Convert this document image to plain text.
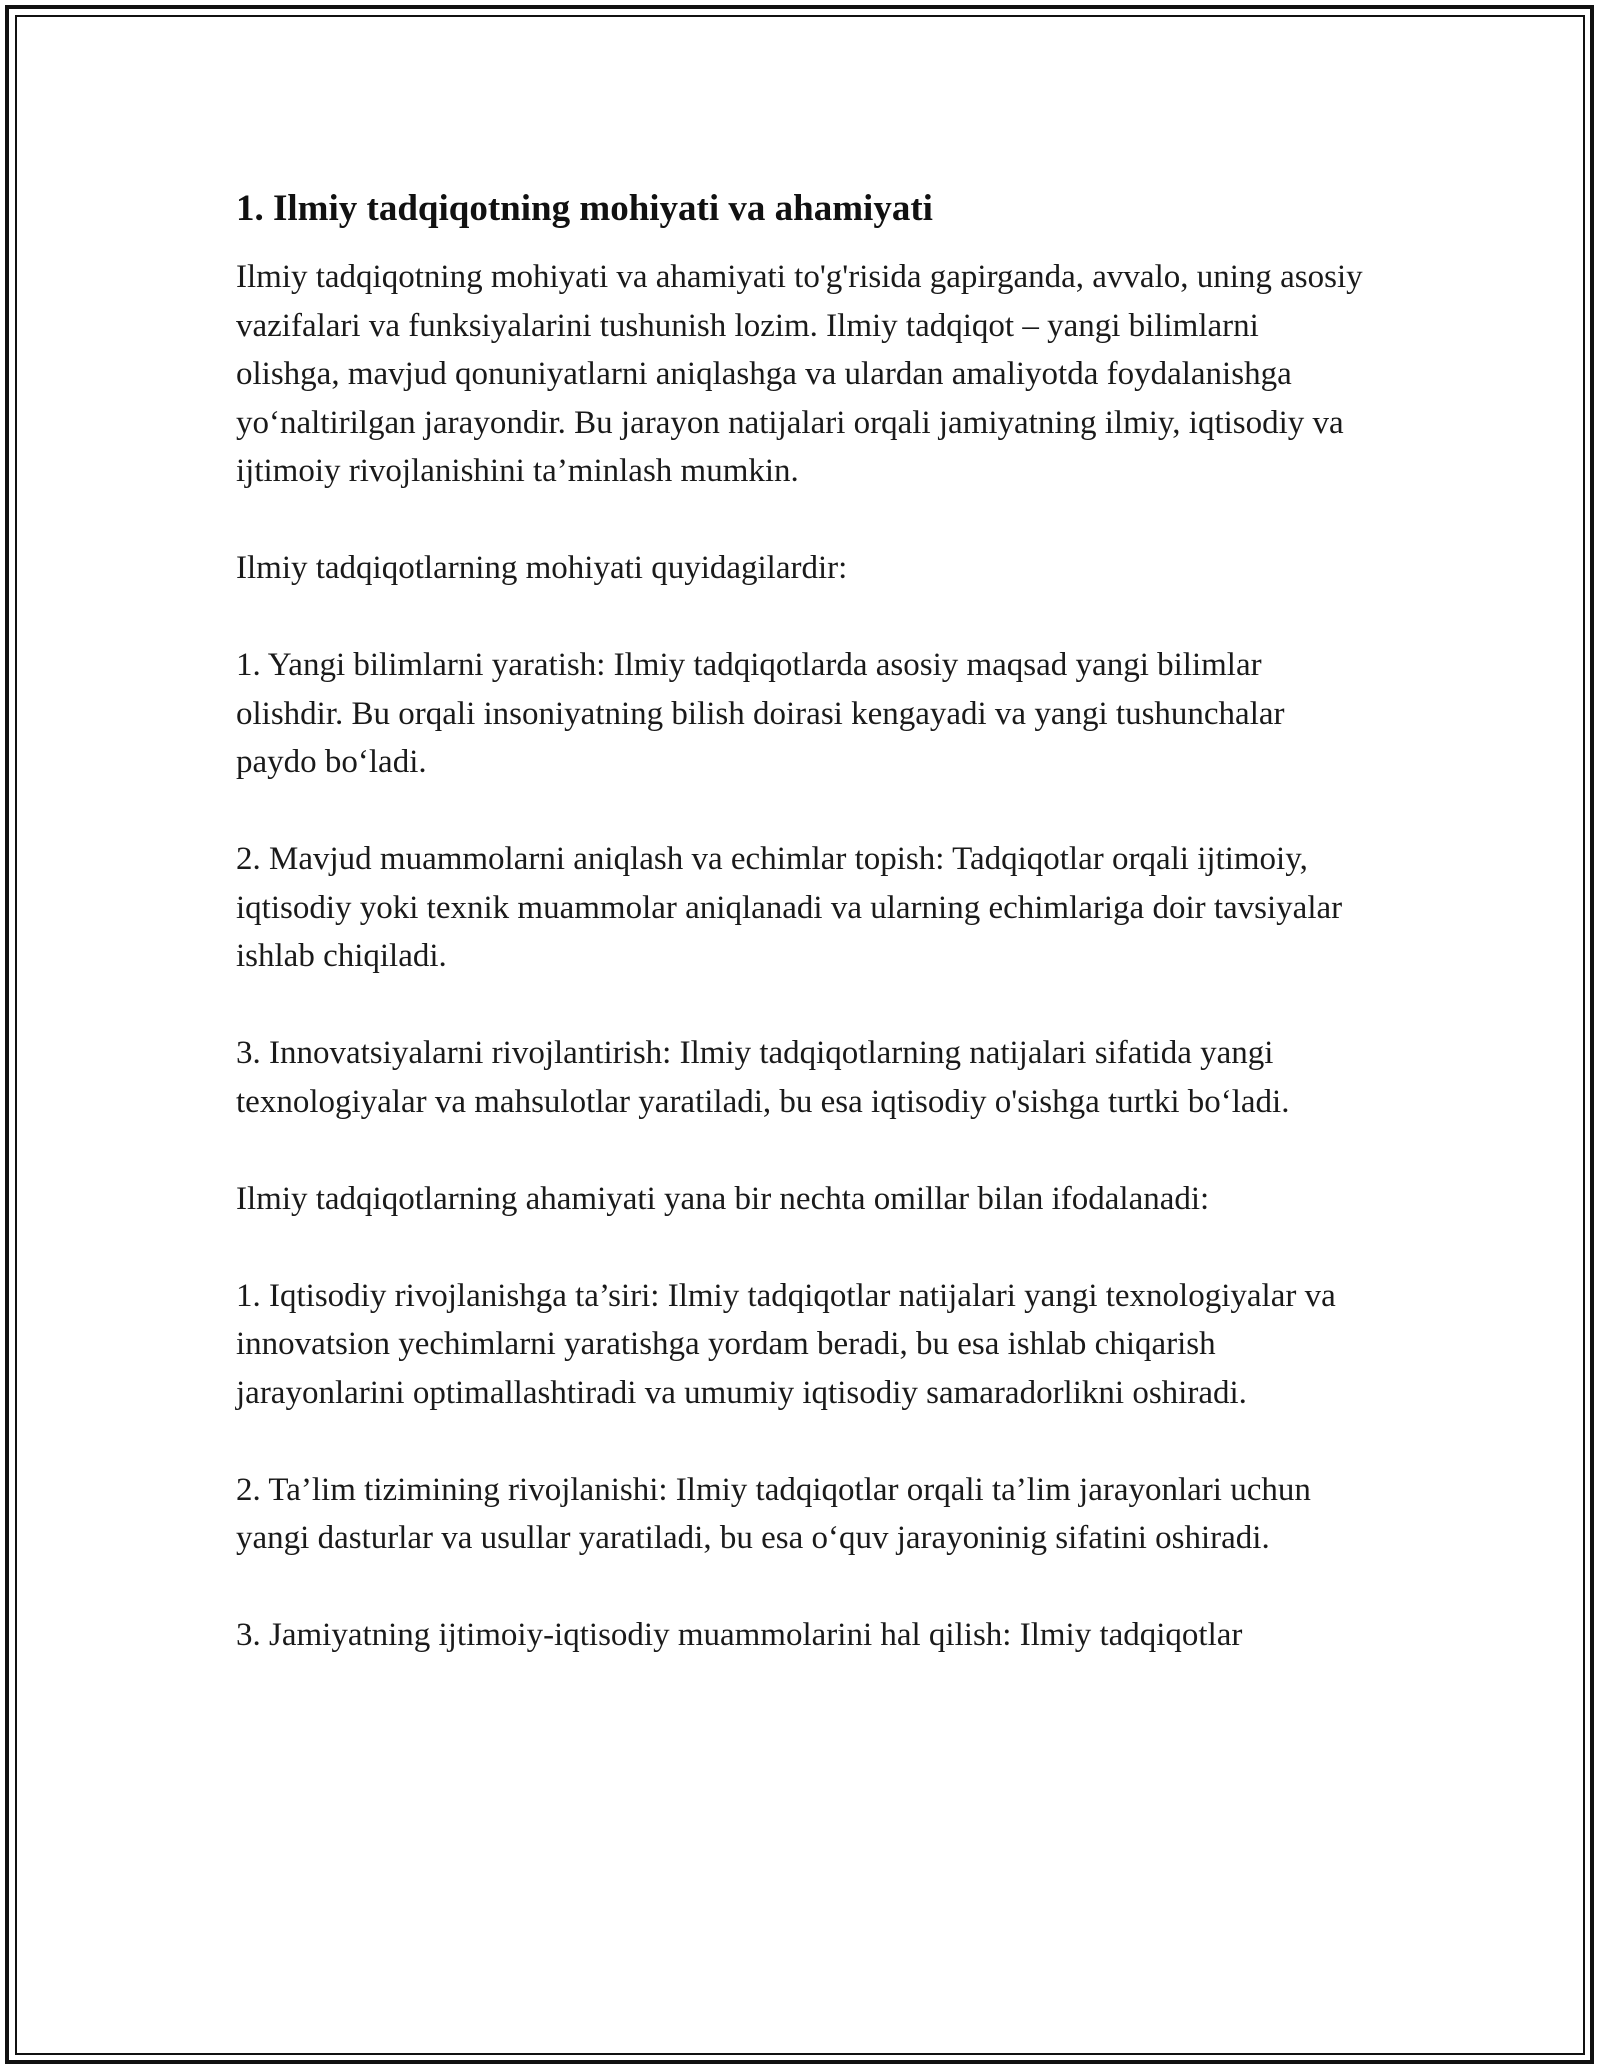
1. Ilmiy tadqiqotning mohiyati va ahamiyati

Ilmiy tadqiqotning mohiyati va ahamiyati to'g'risida gapirganda, avvalo, uning asosiy vazifalari va funksiyalarini tushunish lozim. Ilmiy tadqiqot – yangi bilimlarni olishga, mavjud qonuniyatlarni aniqlashga va ulardan amaliyotda foydalanishga yo‘naltirilgan jarayondir. Bu jarayon natijalari orqali jamiyatning ilmiy, iqtisodiy va ijtimoiy rivojlanishini ta’minlash mumkin.

Ilmiy tadqiqotlarning mohiyati quyidagilardir:

1. Yangi bilimlarni yaratish: Ilmiy tadqiqotlarda asosiy maqsad yangi bilimlar olishdir. Bu orqali insoniyatning bilish doirasi kengayadi va yangi tushunchalar paydo bo‘ladi.

2. Mavjud muammolarni aniqlash va echimlar topish: Tadqiqotlar orqali ijtimoiy, iqtisodiy yoki texnik muammolar aniqlanadi va ularning echimlariga doir tavsiyalar ishlab chiqiladi.

3. Innovatsiyalarni rivojlantirish: Ilmiy tadqiqotlarning natijalari sifatida yangi texnologiyalar va mahsulotlar yaratiladi, bu esa iqtisodiy o'sishga turtki bo‘ladi.

Ilmiy tadqiqotlarning ahamiyati yana bir nechta omillar bilan ifodalanadi:

1. Iqtisodiy rivojlanishga ta’siri: Ilmiy tadqiqotlar natijalari yangi texnologiyalar va innovatsion yechimlarni yaratishga yordam beradi, bu esa ishlab chiqarish jarayonlarini optimallashtiradi va umumiy iqtisodiy samaradorlikni oshiradi.

2. Ta’lim tizimining rivojlanishi: Ilmiy tadqiqotlar orqali ta’lim jarayonlari uchun yangi dasturlar va usullar yaratiladi, bu esa o‘quv jarayoninig sifatini oshiradi.

3. Jamiyatning ijtimoiy-iqtisodiy muammolarini hal qilish: Ilmiy tadqiqotlar
